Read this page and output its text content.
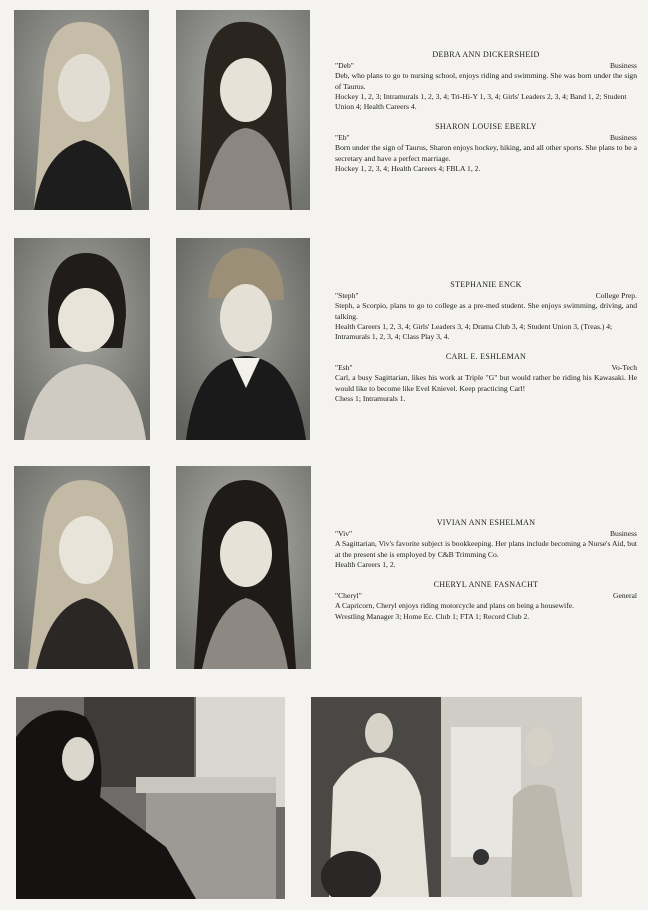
DEBRA ANN DICKERSHEID
"Deb"	Business
Deb, who plans to go to nursing school, enjoys riding and swimming. She was born under the sign of Taurus.
Hockey 1, 2, 3; Intramurals 1, 2, 3, 4; Tri-Hi-Y 1, 3, 4; Girls' Leaders 2, 3, 4; Band 1, 2; Student Union 4; Health Careers 4.
SHARON LOUISE EBERLY
"Eb"	Business
Born under the sign of Taurus, Sharon enjoys hockey, hiking, and all other sports. She plans to be a secretary and have a perfect marriage.
Hockey 1, 2, 3, 4; Health Careers 4; FBLA 1, 2.
STEPHANIE ENCK
"Steph"	College Prep.
Steph, a Scorpio, plans to go to college as a pre-med student. She enjoys swimming, driving, and talking.
Health Careers 1, 2, 3, 4; Girls' Leaders 3, 4; Drama Club 3, 4; Student Union 3, (Treas.) 4; Intramurals 1, 2, 3, 4; Class Play 3, 4.
CARL E. ESHLEMAN
"Esh"	Vo-Tech
Carl, a busy Sagittarian, likes his work at Triple "G" but would rather be riding his Kawasaki. He would like to become like Evel Knievel. Keep practicing Carl!
Chess 1; Intramurals 1.
VIVIAN ANN ESHELMAN
"Viv"	Business
A Sagittarian, Viv's favorite subject is bookkeeping. Her plans include becoming a Nurse's Aid, but at the present she is employed by C&B Trimming Co.
Health Careers 1, 2.
CHERYL ANNE FASNACHT
"Cheryl"	General
A Capricorn, Cheryl enjoys riding motorcycle and plans on being a housewife.
Wrestling Manager 3; Home Ec. Club 1; FTA 1; Record Club 2.
